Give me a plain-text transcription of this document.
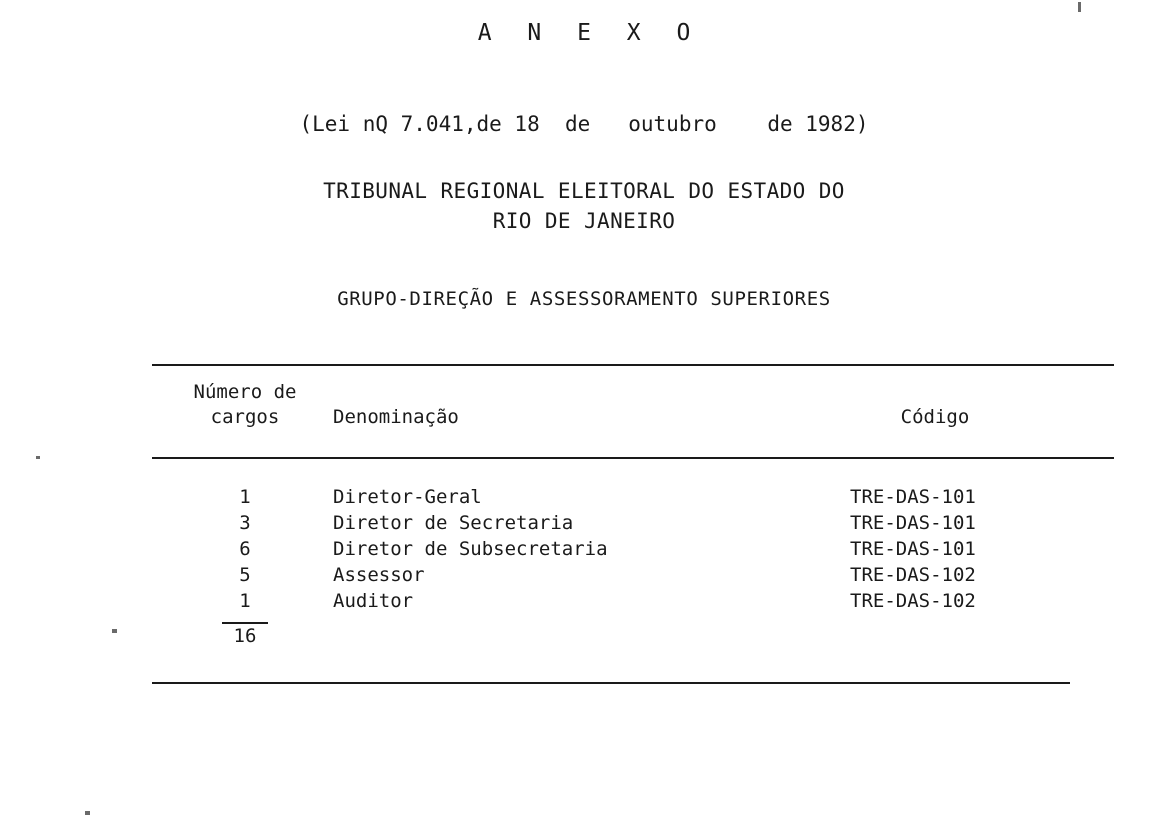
A N E X O
(Lei nQ 7.041,de 18 de outubro de 1982)
TRIBUNAL REGIONAL ELEITORAL DO ESTADO DO
RIO DE JANEIRO
GRUPO-DIREÇÃO E ASSESSORAMENTO SUPERIORES
Número de
cargos	Denominação	Código
1	Diretor-Geral	TRE-DAS-101
3	Diretor de Secretaria	TRE-DAS-101
6	Diretor de Subsecretaria	TRE-DAS-101
5	Assessor	TRE-DAS-102
1	Auditor	TRE-DAS-102
16
